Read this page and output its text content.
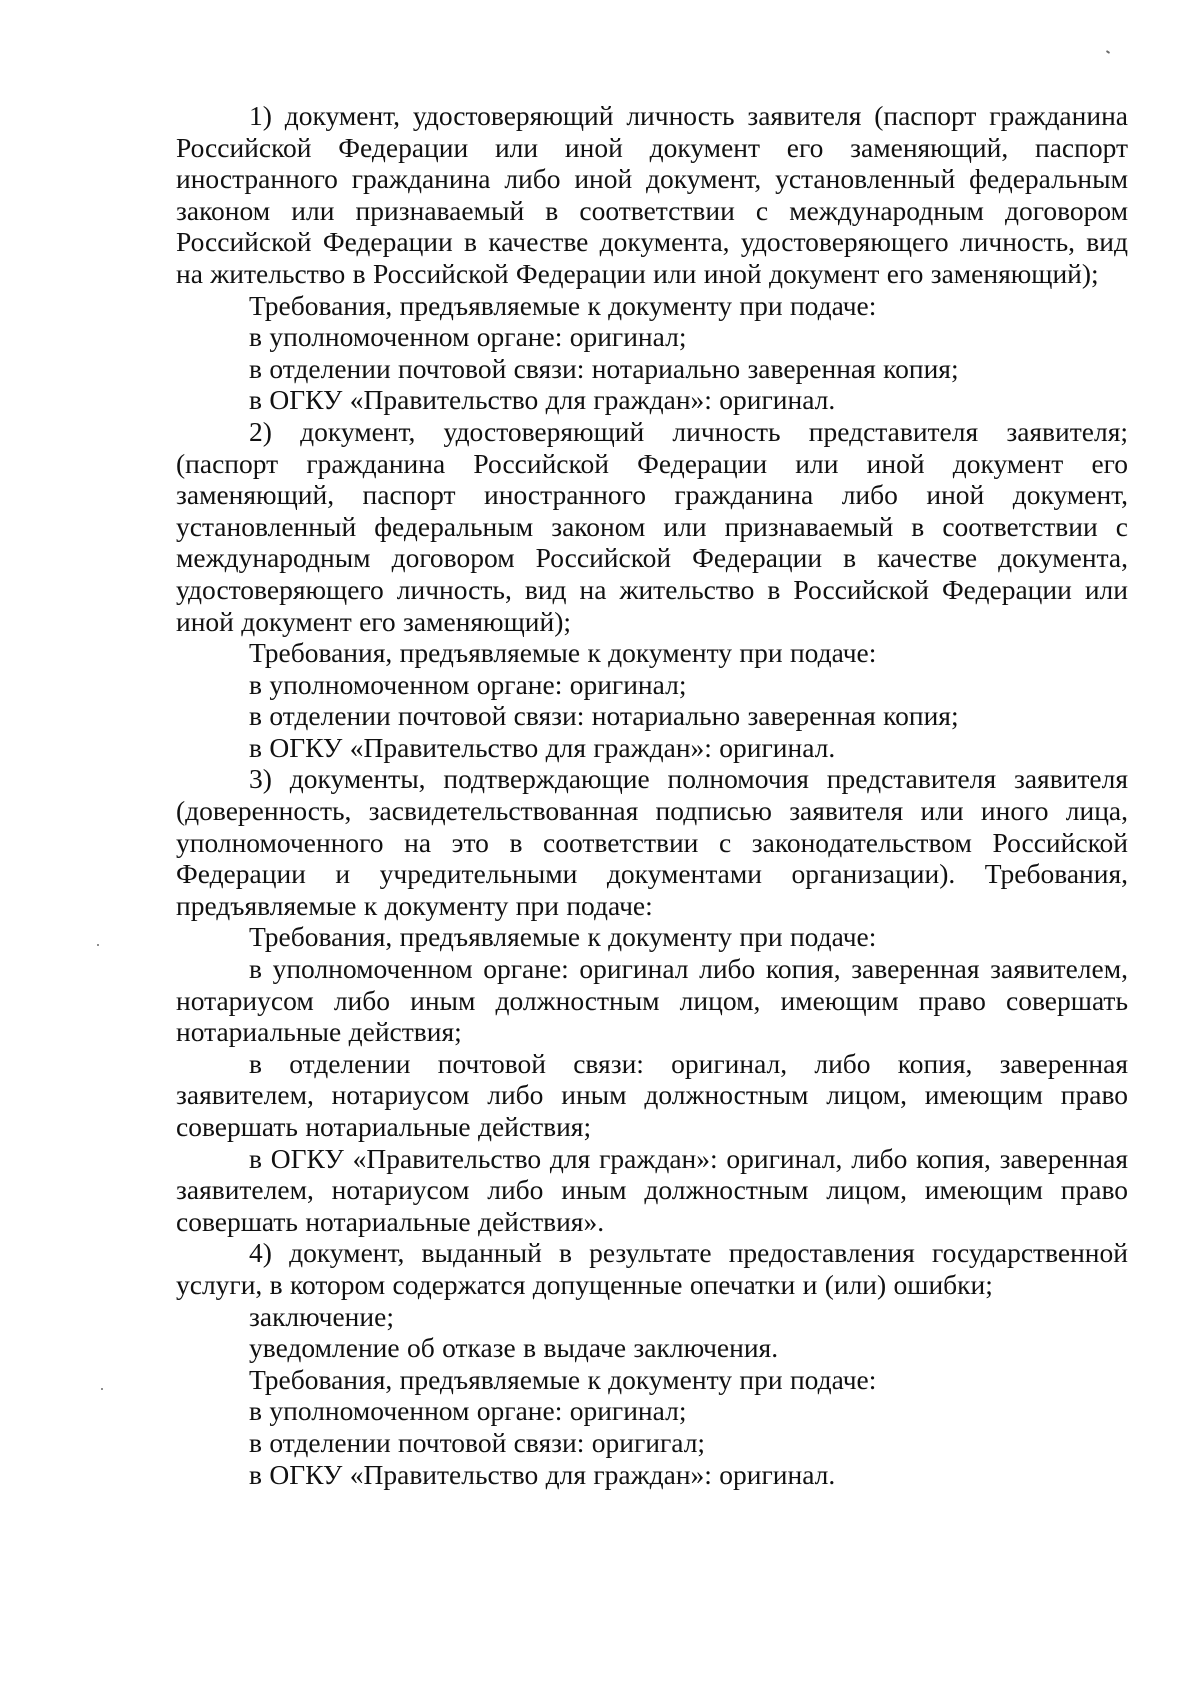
1) документ, удостоверяющий личность заявителя (паспорт гражданина Российской Федерации или иной документ его заменяющий, паспорт иностранного гражданина либо иной документ, установленный федеральным законом или признаваемый в соответствии с международным договором Российской Федерации в качестве документа, удостоверяющего личность, вид на жительство в Российской Федерации или иной документ его заменяющий);

Требования, предъявляемые к документу при подаче:

в уполномоченном органе: оригинал;

в отделении почтовой связи: нотариально заверенная копия;

в ОГКУ «Правительство для граждан»: оригинал.

2) документ, удостоверяющий личность представителя заявителя; (паспорт гражданина Российской Федерации или иной документ его заменяющий, паспорт иностранного гражданина либо иной документ, установленный федеральным законом или признаваемый в соответствии с международным договором Российской Федерации в качестве документа, удостоверяющего личность, вид на жительство в Российской Федерации или иной документ его заменяющий);

Требования, предъявляемые к документу при подаче:

в уполномоченном органе: оригинал;

в отделении почтовой связи: нотариально заверенная копия;

в ОГКУ «Правительство для граждан»: оригинал.

3) документы, подтверждающие полномочия представителя заявителя (доверенность, засвидетельствованная подписью заявителя или иного лица, уполномоченного на это в соответствии с законодательством Российской Федерации и учредительными документами организации). Требования, предъявляемые к документу при подаче:

Требования, предъявляемые к документу при подаче:

в уполномоченном органе: оригинал либо копия, заверенная заявителем, нотариусом либо иным должностным лицом, имеющим право совершать нотариальные действия;

в отделении почтовой связи: оригинал, либо копия, заверенная заявителем, нотариусом либо иным должностным лицом, имеющим право совершать нотариальные действия;

в ОГКУ «Правительство для граждан»: оригинал, либо копия, заверенная заявителем, нотариусом либо иным должностным лицом, имеющим право совершать нотариальные действия».

4) документ, выданный в результате предоставления государственной услуги, в котором содержатся допущенные опечатки и (или) ошибки;

заключение;

уведомление об отказе в выдаче заключения.

Требования, предъявляемые к документу при подаче:

в уполномоченном органе: оригинал;

в отделении почтовой связи: оригигал;

в ОГКУ «Правительство для граждан»: оригинал.
